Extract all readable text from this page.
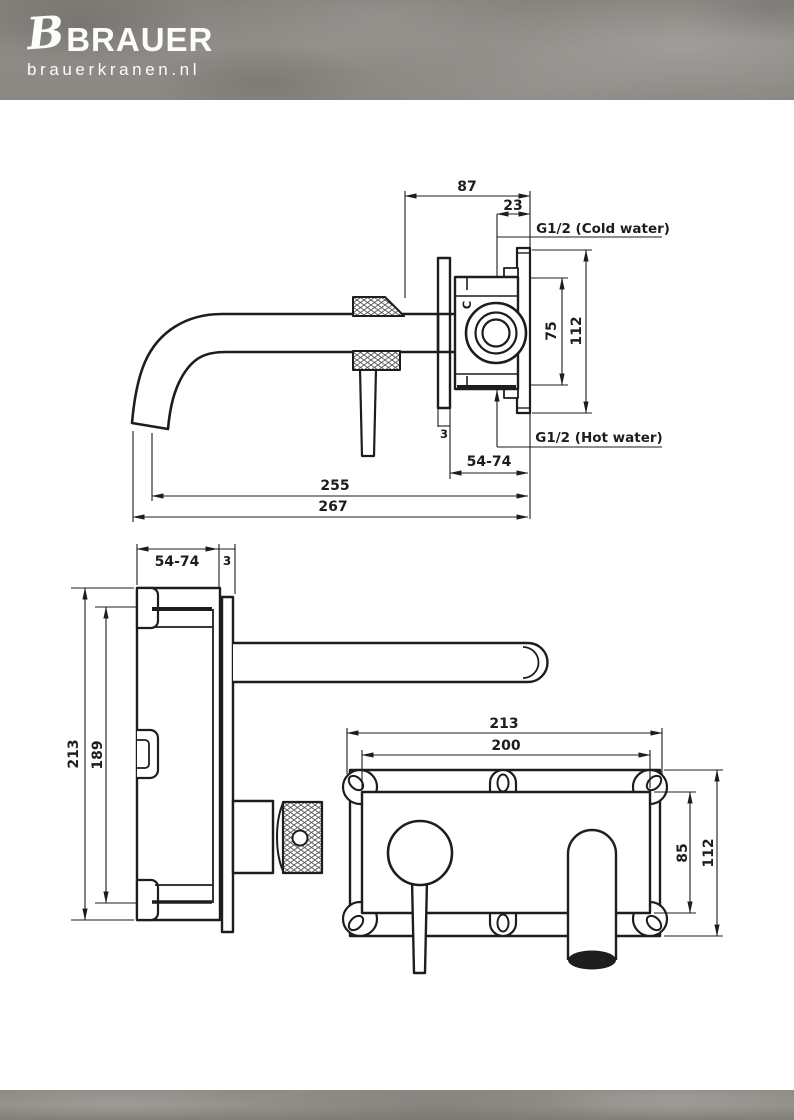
B BRAUER
brauerkranen.nl
87
23
G1/2 (Cold water)
G1/2 (Hot water)
75 112
3
54-74
255
267
C
54-74 3
213 189
213
200
85 112
